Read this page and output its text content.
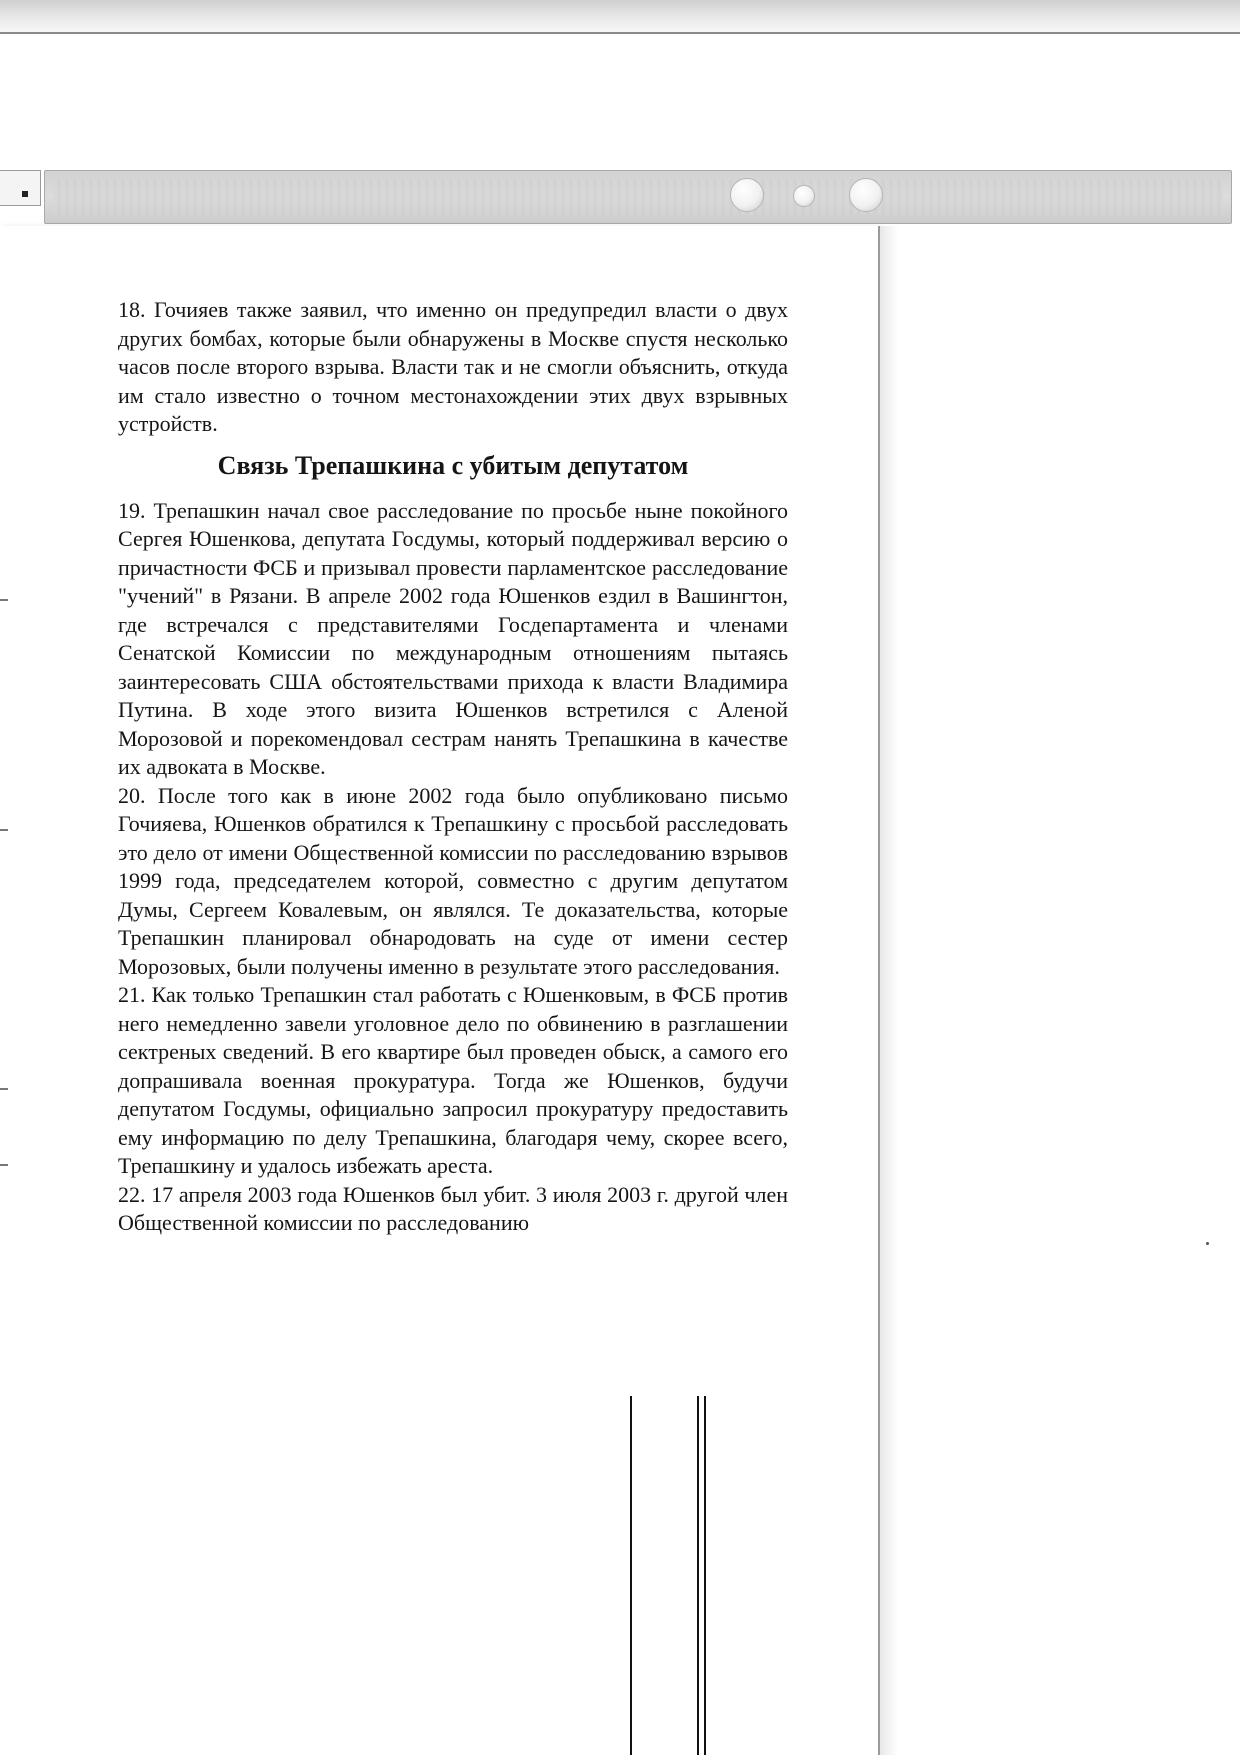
18. Гочияев также заявил, что именно он предупредил власти о двух других бомбах, которые были обнаружены в Москве спустя несколько часов после второго взрыва. Власти так и не смогли объяснить, откуда им стало известно о точном местонахождении этих двух взрывных устройств.

Связь Трепашкина с убитым депутатом

19. Трепашкин начал свое расследование по просьбе ныне покойного Сергея Юшенкова, депутата Госдумы, который поддерживал версию о причастности ФСБ и призывал провести парламентское расследование "учений" в Рязани. В апреле 2002 года Юшенков ездил в Вашингтон, где встречался с представителями Госдепартамента и членами Сенатской Комиссии по международным отношениям пытаясь заинтересовать США обстоятельствами прихода к власти Владимира Путина. В ходе этого визита Юшенков встретился с Аленой Морозовой и порекомендовал сестрам нанять Трепашкина в качестве их адвоката в Москве.

20. После того как в июне 2002 года было опубликовано письмо Гочияева, Юшенков обратился к Трепашкину с просьбой расследовать это дело от имени Общественной комиссии по расследованию взрывов 1999 года, председателем которой, совместно с другим депутатом Думы, Сергеем Ковалевым, он являлся. Те доказательства, которые Трепашкин планировал обнародовать на суде от имени сестер Морозовых, были получены именно в результате этого расследования.

21. Как только Трепашкин стал работать с Юшенковым, в ФСБ против него немедленно завели уголовное дело по обвинению в разглашении сектреных сведений. В его квартире был проведен обыск, а самого его допрашивала военная прокуратура. Тогда же Юшенков, будучи депутатом Госдумы, официально запросил прокуратуру предоставить ему информацию по делу Трепашкина, благодаря чему, скорее всего, Трепашкину и удалось избежать ареста.

22. 17 апреля 2003 года Юшенков был убит. 3 июля 2003 г. другой член Общественной комиссии по расследованию
